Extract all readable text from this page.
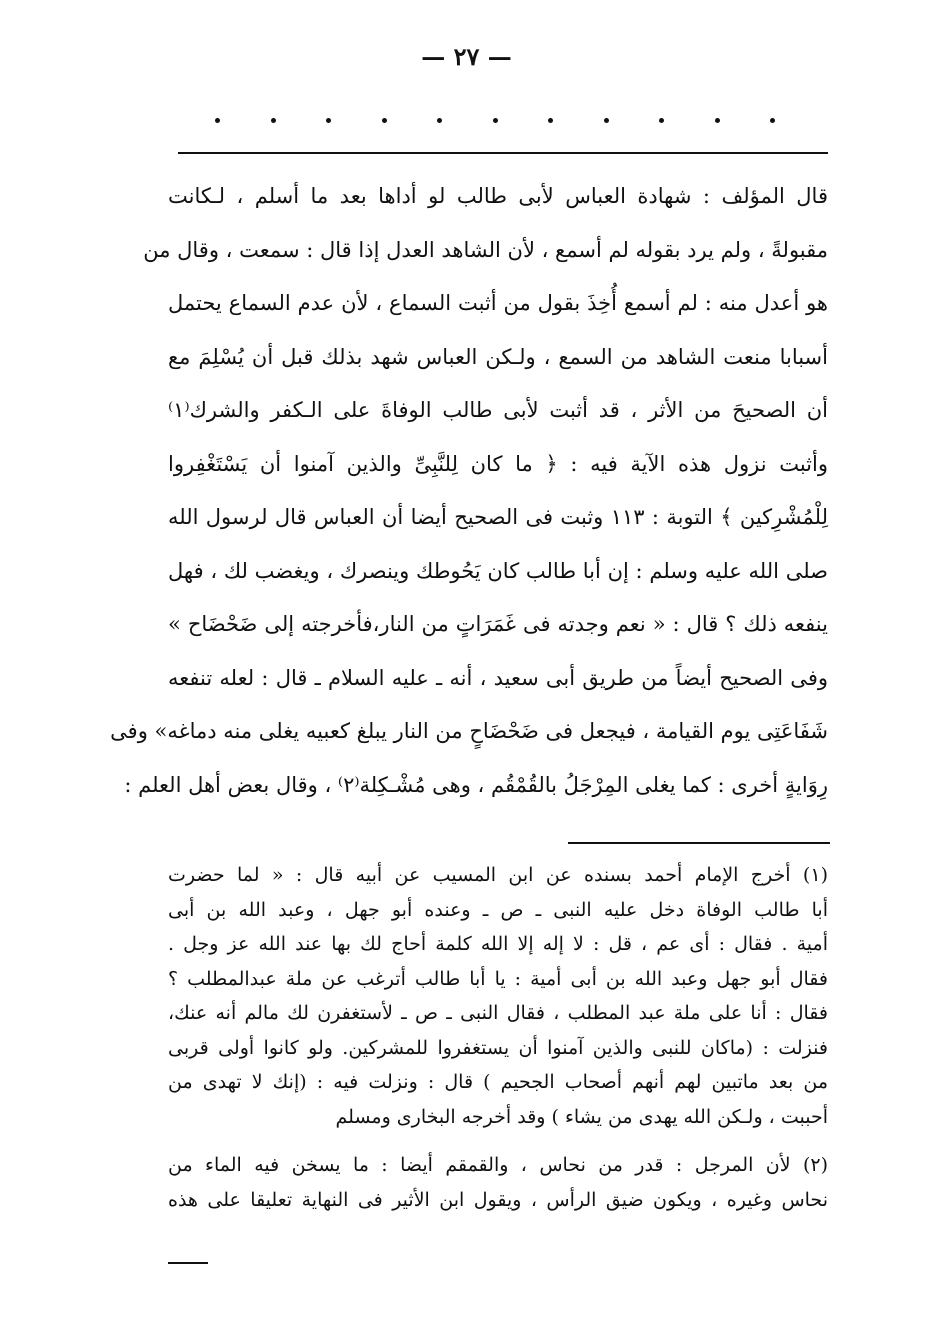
— ٢٧ —
قال المؤلف : شهادة العباس لأبى طالب لو أداها بعد ما أسلم ، لـكانت
مقبولةً ، ولم يرد بقوله لم أسمع ، لأن الشاهد العدل إذا قال : سمعت ، وقال من
هو أعدل منه : لم أسمع أُخِذَ بقول من أثبت السماع ، لأن عدم السماع يحتمل
أسبابا منعت الشاهد من السمع ، ولـكن العباس شهد بذلك قبل أن يُسْلِمَ مع
أن الصحيحَ من الأثر ، قد أثبت لأبى طالب الوفاةَ على الـكفر والشرك⁽١⁾
وأثبت نزول هذه الآية فيه : ﴿ ما كان لِلنَّبِىِّ والذين آمنوا أن يَسْتَغْفِروا
لِلْمُشْرِكين ﴾ التوبة : ١١٣ وثبت فى الصحيح أيضا أن العباس قال لرسول الله
صلى الله عليه وسلم : إن أبا طالب كان يَحُوطك وينصرك ، ويغضب لك ، فهل
ينفعه ذلك ؟ قال : « نعم وجدته فى غَمَرَاتٍ من النار،فأخرجته إلى ضَحْضَاح »
وفى الصحيح أيضاً من طريق أبى سعيد ، أنه ـ عليه السلام ـ قال : لعله تنفعه
شَفَاعَتِى يوم القيامة ، فيجعل فى ضَحْضَاحٍ من النار يبلغ كعبيه يغلى منه دماغه» وفى
رِوَايةٍ أخرى : كما يغلى المِرْجَلُ بالقُمْقُم ، وهى مُشْـكِلة⁽٢⁾ ، وقال بعض أهل العلم :
(١) أخرج الإمام أحمد بسنده عن ابن المسيب عن أبيه قال : « لما حضرت
أبا طالب الوفاة دخل عليه النبى ـ ص ـ وعنده أبو جهل ، وعبد الله بن أبى
أمية . فقال : أى عم ، قل : لا إله إلا الله كلمة أحاج لك بها عند الله عز وجل .
فقال أبو جهل وعبد الله بن أبى أمية : يا أبا طالب أترغب عن ملة عبدالمطلب ؟
فقال : أنا على ملة عبد المطلب ، فقال النبى ـ ص ـ لأستغفرن لك مالم أنه عنك،
فنزلت : (ماكان للنبى والذين آمنوا أن يستغفروا للمشركين. ولو كانوا أولى قربى
من بعد ماتبين لهم أنهم أصحاب الجحيم ) قال : ونزلت فيه : (إنك لا تهدى من
أحببت ، ولـكن الله يهدى من يشاء ) وقد أخرجه البخارى ومسلم
(٢) لأن المرجل : قدر من نحاس ، والقمقم أيضا : ما يسخن فيه الماء من
نحاس وغيره ، ويكون ضيق الرأس ، ويقول ابن الأثير فى النهاية تعليقا على هذه
